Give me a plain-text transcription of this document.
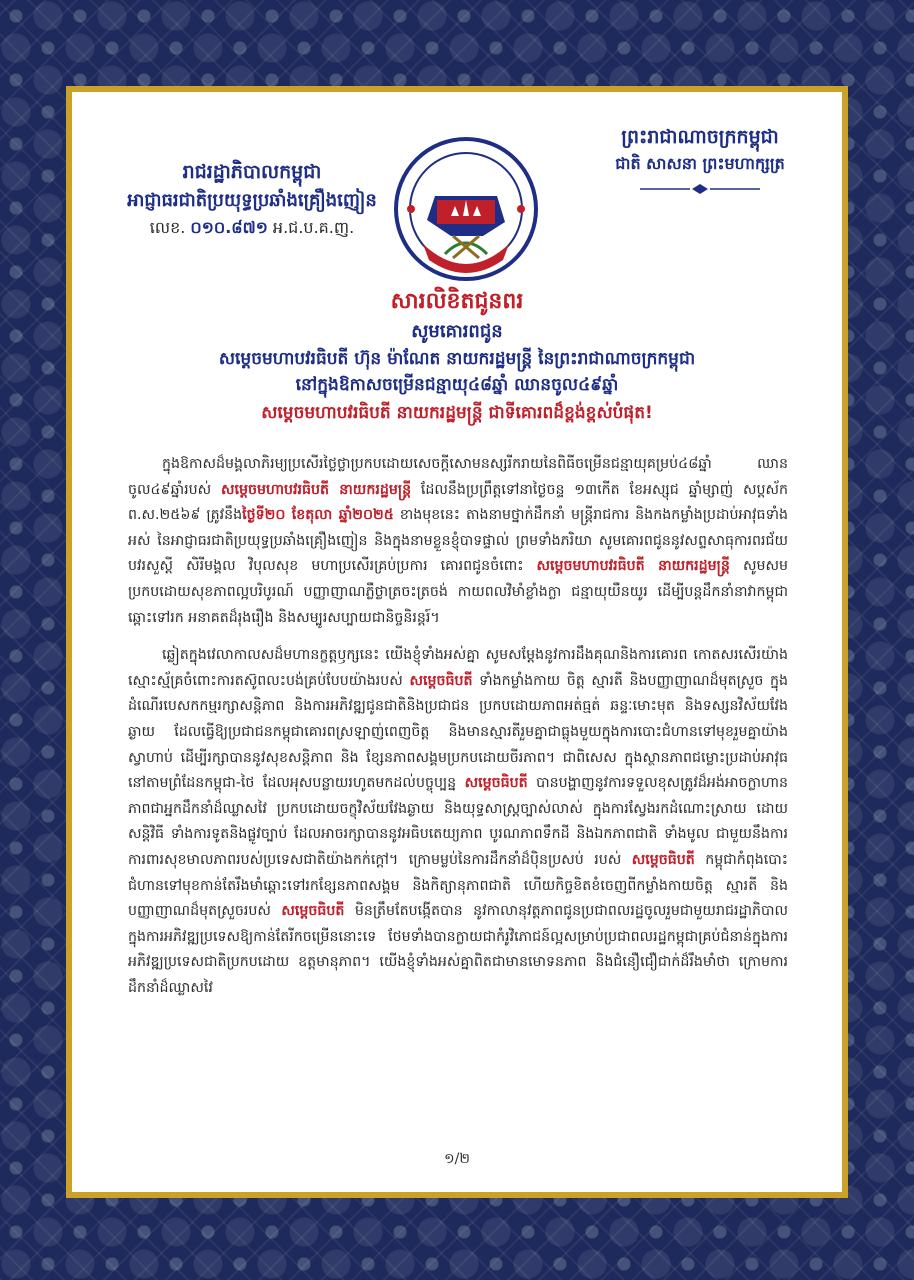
រាជរដ្ឋាភិបាលកម្ពុជា
អាជ្ញាធរជាតិប្រយុទ្ធប្រឆាំងគ្រឿងញៀន
លេខ. ០១០.៨៧១ អ.ជ.ប.គ.ញ.
ព្រះរាជាណាចក្រកម្ពុជា
ជាតិ សាសនា ព្រះមហាក្សត្រ
សារលិខិតជូនពរ
សូមគោរពជូន
សម្តេចមហាបវរធិបតី ហ៊ុន ម៉ាណែត នាយករដ្ឋមន្ត្រី នៃព្រះរាជាណាចក្រកម្ពុជា
នៅក្នុងឱកាសចម្រើនជន្មាយុ៤៨ឆ្នាំ ឈានចូល៤៩ឆ្នាំ
សម្តេចមហាបវរធិបតី នាយករដ្ឋមន្ត្រី ជាទីគោរពដ៏ខ្ពង់ខ្ពស់បំផុត!

ក្នុងឱកាសដ៏មង្គលាភិរម្យប្រសើរថ្លៃថ្លាប្រកបដោយសេចក្តីសោមនស្សរីករាយនៃពិធីចម្រើនជន្មាយុគម្រប់៤៨ឆ្នាំ ឈានចូល៤៩ឆ្នាំរបស់ សម្តេចមហាបវរធិបតី នាយករដ្ឋមន្ត្រី ដែលនឹងប្រព្រឹត្តទៅនាថ្ងៃចន្ទ ១៣កើត ខែអស្សុជ ឆ្នាំម្សាញ់ សប្តស័ក ព.ស.២៥៦៩ ត្រូវនឹងថ្ងៃទី២០ ខែតុលា ឆ្នាំ២០២៥ ខាងមុខនេះ តាងនាមថ្នាក់ដឹកនាំ មន្ត្រីរាជការ និងកងកម្លាំងប្រដាប់អាវុធទាំងអស់ នៃអាជ្ញាធរជាតិប្រយុទ្ធប្រឆាំងគ្រឿងញៀន និងក្នុងនាមខ្លួនខ្ញុំបាទផ្ទាល់ ព្រមទាំងភរិយា សូមគោរពជូននូវសព្ទសាធុការពរជ័យ បវរសួស្តី សិរីមង្គល វិបុលសុខ មហាប្រសើរគ្រប់ប្រការ គោរពជូនចំពោះ សម្តេចមហាបវរធិបតី នាយករដ្ឋមន្ត្រី សូមសមប្រកបដោយសុខភាពល្អបរិបូរណ៍ បញ្ញាញាណភ្លឺថ្លាត្រចះត្រចង់ កាយពលវិមាំខ្លាំងក្លា ជន្មាយុយឺនយូរ ដើម្បីបន្តដឹកនាំនាវាកម្ពុជាឆ្ពោះទៅរក អនាគតដ៏រុងរឿង និងសម្បូរសប្បាយជានិច្ចនិរន្តរ៍។

ឆ្លៀតក្នុងវេលាកាលសដ៏មហានក្ខត្តឫក្សនេះ យើងខ្ញុំទាំងអស់គ្នា សូមសម្តែងនូវការដឹងគុណនិងការគោរព កោតសរសើរយ៉ាងស្មោះស្ម័គ្រចំពោះការតស៊ូពលះបង់គ្រប់បែបយ៉ាងរបស់ សម្តេចធិបតី ទាំងកម្លាំងកាយ ចិត្ត ស្មារតី និងបញ្ញាញាណដ៏មុតស្រួច ក្នុងដំណើរបេសកកម្មរក្សាសន្តិភាព និងការអភិវឌ្ឍជូនជាតិនិងប្រជាជន ប្រកបដោយភាពអត់ធ្មត់ ឆន្ទៈមោះមុត និងទស្សនវិស័យវែងឆ្ងាយ ដែលធ្វើឱ្យប្រជាជនកម្ពុជាគោរពស្រឡាញ់ពេញចិត្ត និងមានស្មារតីរួមគ្នាជាធ្លុងមួយក្នុងការបោះជំហានទៅមុខរួមគ្នាយ៉ាងស្វាហាប់ ដើម្បីរក្សាបាននូវសុខសន្តិភាព និង ខ្សែនភាពសង្គមប្រកបដោយចីរភាព។ ជាពិសេស ក្នុងស្ថានភាពជម្លោះប្រដាប់អាវុធនៅតាមព្រំដែនកម្ពុជា-ថៃ ដែលអុសបន្លាយរហូតមកដល់បច្ចុប្បន្ន សម្តេចធិបតី បានបង្ហាញនូវការទទួលខុសត្រូវដ៏អង់អាចក្លាហាន ភាពជាអ្នកដឹកនាំដ៏ឈ្លាសវៃ ប្រកបដោយចក្ខុវិស័យវែងឆ្ងាយ និងយុទ្ធសាស្ត្រច្បាស់លាស់ ក្នុងការស្វែងរកដំណោះស្រាយ ដោយសន្តិវិធី ទាំងការទូតនិងផ្លូវច្បាប់ ដែលអាចរក្សាបាននូវអធិបតេយ្យភាព បូរណភាពទឹកដី និងឯកភាពជាតិ ទាំងមូល ជាមួយនឹងការការពារសុខមាលភាពរបស់ប្រទេសជាតិយ៉ាងកក់ក្តៅ។ ក្រោមម្លប់នៃការដឹកនាំដ៏ប៉ិនប្រសប់ របស់ សម្តេចធិបតី កម្ពុជាកំពុងបោះជំហានទៅមុខកាន់តែរឹងមាំឆ្ពោះទៅរកខ្សែនភាពសង្គម និងកិត្យានុភាពជាតិ ហើយកិច្ចខិតខំចេញពីកម្លាំងកាយចិត្ត ស្មារតី និងបញ្ញាញាណដ៏មុតស្រួចរបស់ សម្តេចធិបតី មិនត្រឹមតែបង្កើតបាន នូវកាលានុវត្តភាពជូនប្រជាពលរដ្ឋចូលរួមជាមួយរាជរដ្ឋាភិបាលក្នុងការអភិវឌ្ឍប្រទេសឱ្យកាន់តែរីកចម្រើននោះទេ ថែមទាំងបានក្លាយជាកំរូវិភោជន៍ល្អសម្រាប់ប្រជាពលរដ្ឋកម្ពុជាគ្រប់ជំនាន់ក្នុងការអភិវឌ្ឍប្រទេសជាតិប្រកបដោយ ឧត្តមានុភាព។ យើងខ្ញុំទាំងអស់គ្នាពិតជាមានមោទនភាព និងជំនឿជឿជាក់ដ៏រឹងមាំថា ក្រោមការដឹកនាំដ៏ឈ្លាសវៃ

១/២
